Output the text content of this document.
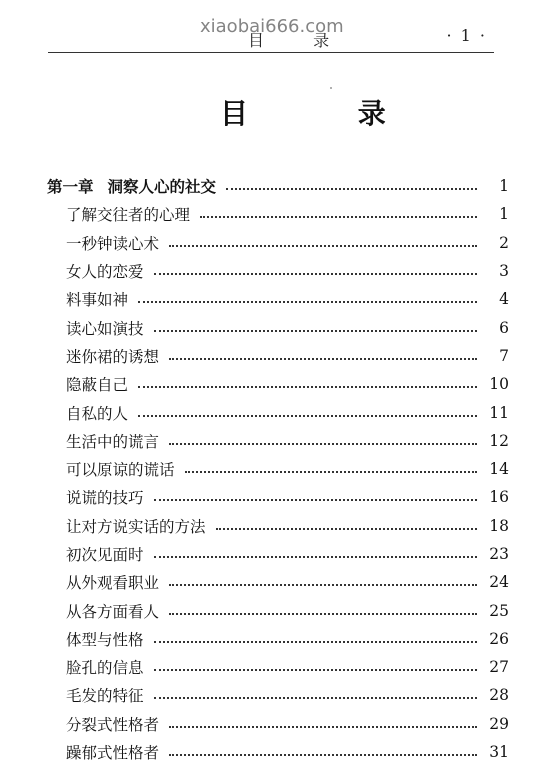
目 录	· 1 ·
xiaobai666.com
目 录
第一章 洞察人心的社交	1
了解交往者的心理	1
一秒钟读心术	2
女人的恋爱	3
料事如神	4
读心如演技	6
迷你裙的诱想	7
隐蔽自己	10
自私的人	11
生活中的谎言	12
可以原谅的谎话	14
说谎的技巧	16
让对方说实话的方法	18
初次见面时	23
从外观看职业	24
从各方面看人	25
体型与性格	26
脸孔的信息	27
毛发的特征	28
分裂式性格者	29
躁郁式性格者	31
